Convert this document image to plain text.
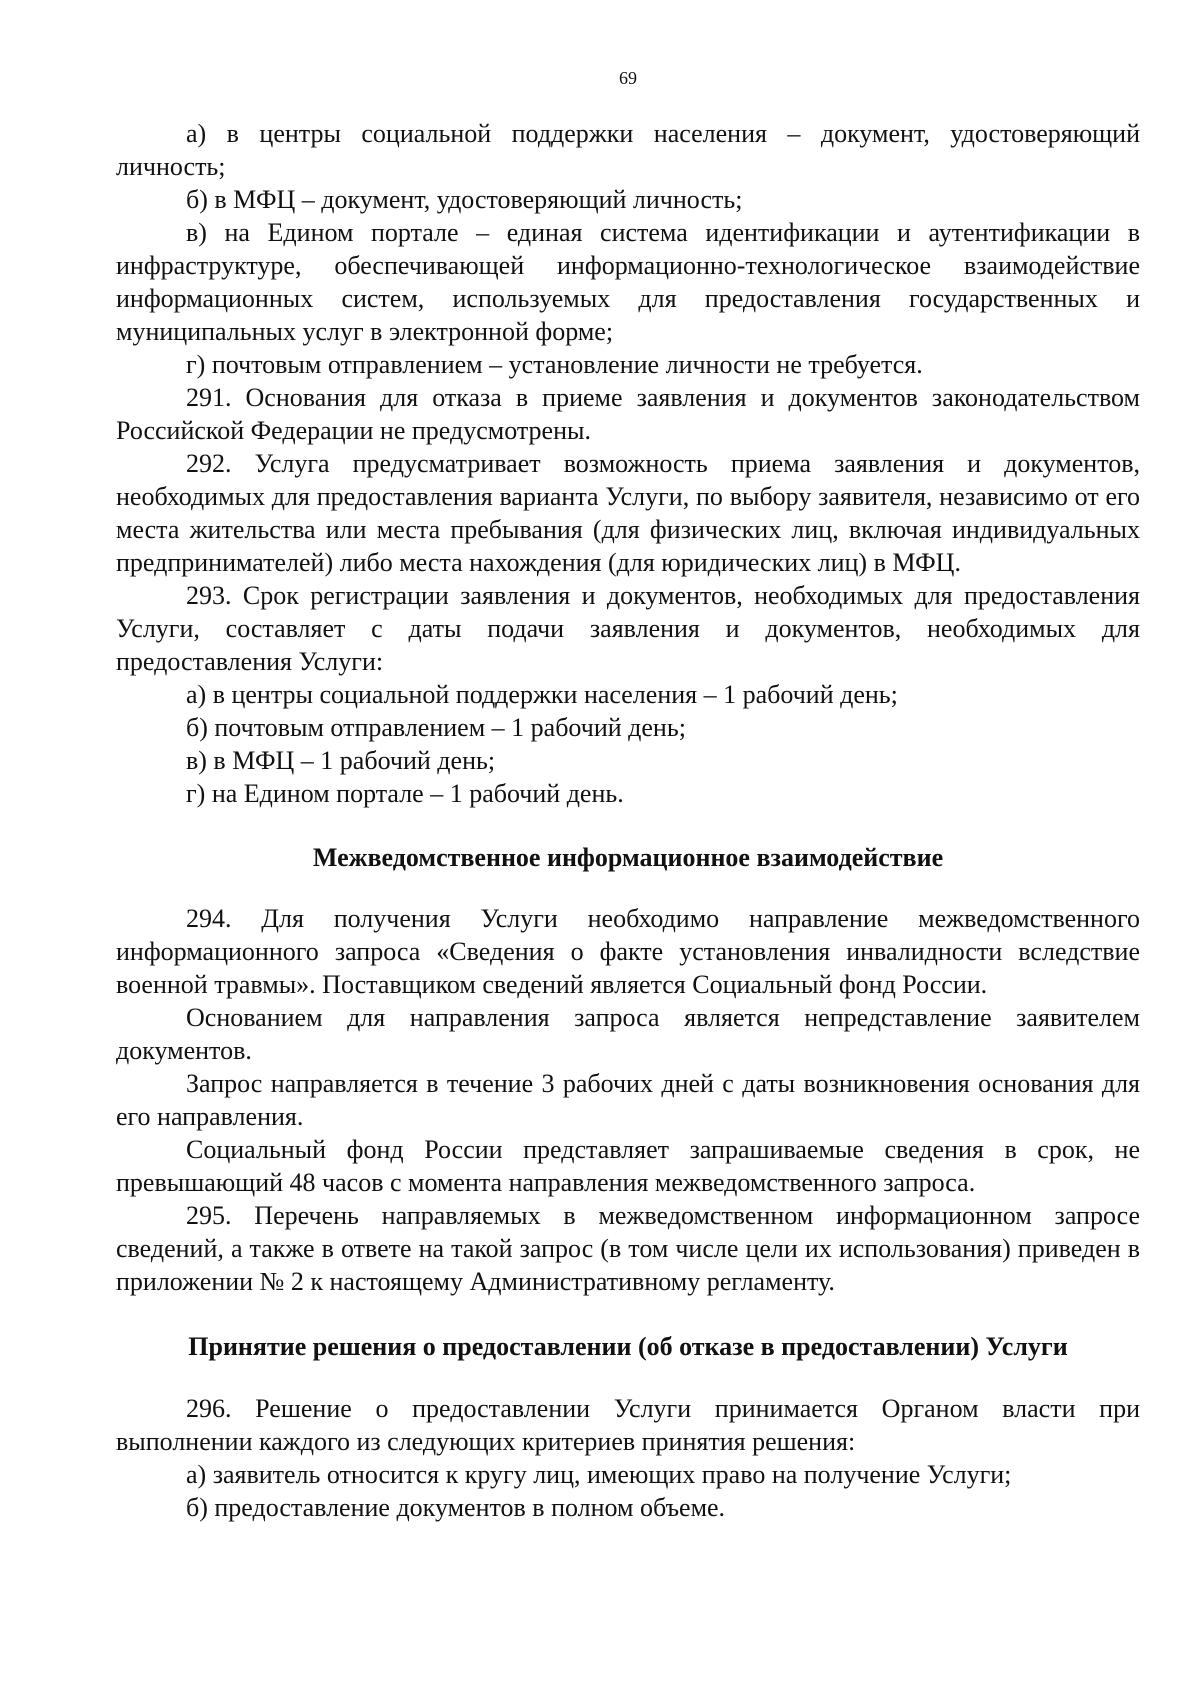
69

а) в центры социальной поддержки населения – документ, удостоверяющий личность;

б) в МФЦ – документ, удостоверяющий личность;

в) на Едином портале – единая система идентификации и аутентификации в инфраструктуре, обеспечивающей информационно-технологическое взаимодействие информационных систем, используемых для предоставления государственных и муниципальных услуг в электронной форме;

г) почтовым отправлением – установление личности не требуется.

291. Основания для отказа в приеме заявления и документов законодательством Российской Федерации не предусмотрены.

292. Услуга предусматривает возможность приема заявления и документов, необходимых для предоставления варианта Услуги, по выбору заявителя, независимо от его места жительства или места пребывания (для физических лиц, включая индивидуальных предпринимателей) либо места нахождения (для юридических лиц) в МФЦ.

293. Срок регистрации заявления и документов, необходимых для предоставления Услуги, составляет с даты подачи заявления и документов, необходимых для предоставления Услуги:

а) в центры социальной поддержки населения – 1 рабочий день;

б) почтовым отправлением – 1 рабочий день;

в) в МФЦ – 1 рабочий день;

г) на Едином портале – 1 рабочий день.

Межведомственное информационное взаимодействие

294. Для получения Услуги необходимо направление межведомственного информационного запроса «Сведения о факте установления инвалидности вследствие военной травмы». Поставщиком сведений является Социальный фонд России.

Основанием для направления запроса является непредставление заявителем документов.

Запрос направляется в течение 3 рабочих дней с даты возникновения основания для его направления.

Социальный фонд России представляет запрашиваемые сведения в срок, не превышающий 48 часов с момента направления межведомственного запроса.

295. Перечень направляемых в межведомственном информационном запросе сведений, а также в ответе на такой запрос (в том числе цели их использования) приведен в приложении № 2 к настоящему Административному регламенту.

Принятие решения о предоставлении (об отказе в предоставлении) Услуги

296. Решение о предоставлении Услуги принимается Органом власти при выполнении каждого из следующих критериев принятия решения:

а) заявитель относится к кругу лиц, имеющих право на получение Услуги;

б) предоставление документов в полном объеме.
